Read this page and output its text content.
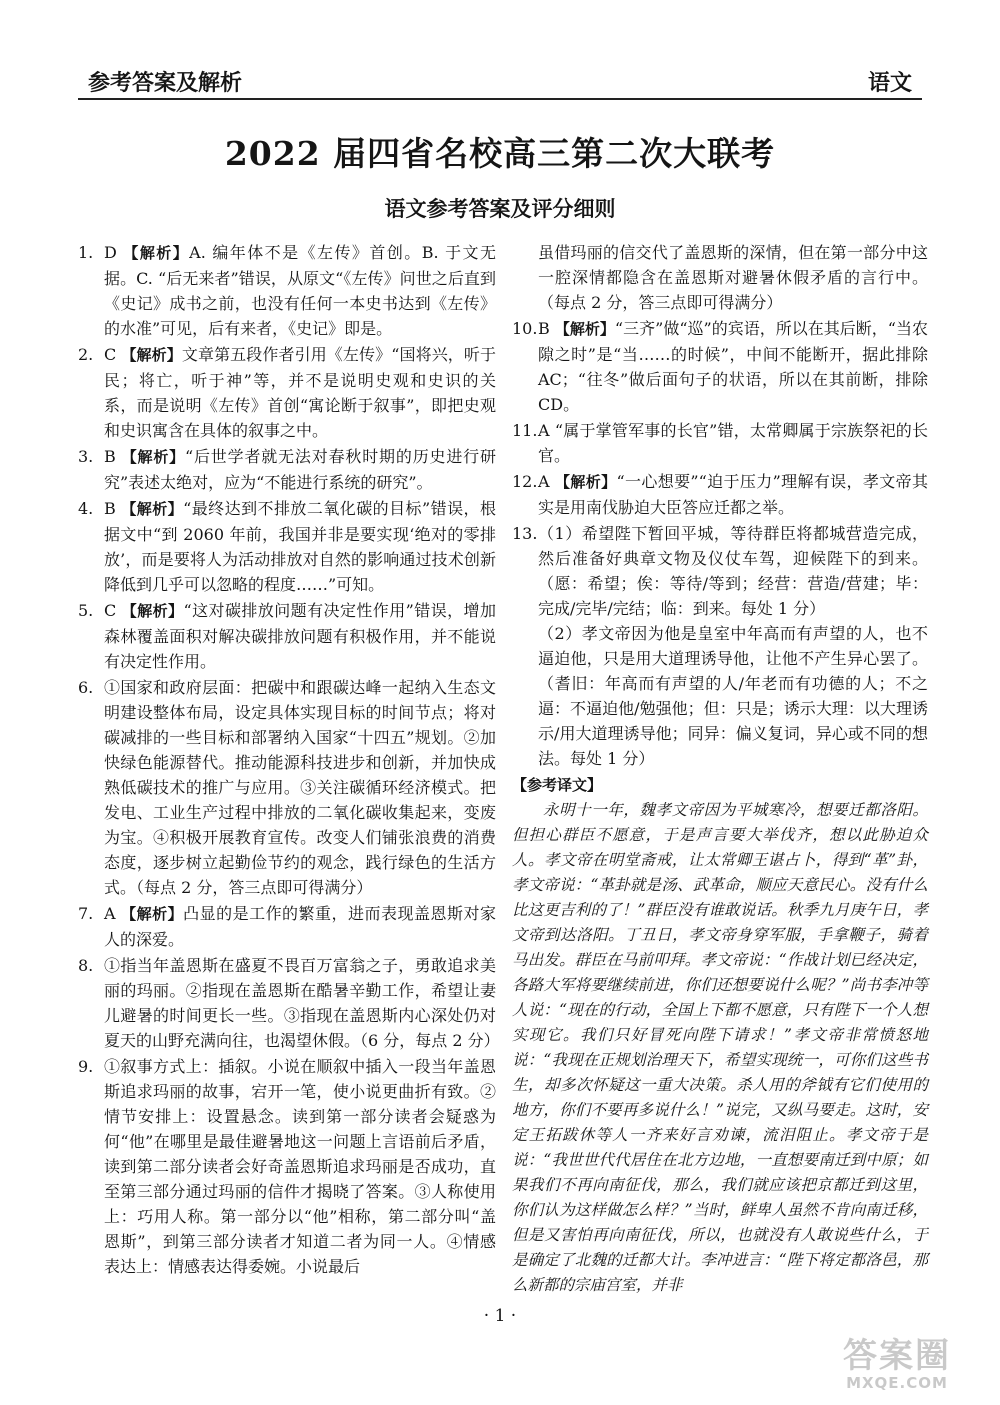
参考答案及解析	语文
2022 届四省名校高三第二次大联考
语文参考答案及评分细则
1. D 【解析】A. 编年体不是《左传》首创。B. 于文无据。C. “后无来者”错误，从原文“《左传》问世之后直到《史记》成书之前，也没有任何一本史书达到《左传》的水准”可见，后有来者，《史记》即是。
2. C 【解析】文章第五段作者引用《左传》“国将兴，听于民；将亡，听于神”等，并不是说明史观和史识的关系，而是说明《左传》首创“寓论断于叙事”，即把史观和史识寓含在具体的叙事之中。
3. B 【解析】“后世学者就无法对春秋时期的历史进行研究”表述太绝对，应为“不能进行系统的研究”。
4. B 【解析】“最终达到不排放二氧化碳的目标”错误，根据文中“到 2060 年前，我国并非是要实现‘绝对的零排放’，而是要将人为活动排放对自然的影响通过技术创新降低到几乎可以忽略的程度……”可知。
5. C 【解析】“这对碳排放问题有决定性作用”错误，增加森林覆盖面积对解决碳排放问题有积极作用，并不能说有决定性作用。
6. ①国家和政府层面：把碳中和跟碳达峰一起纳入生态文明建设整体布局，设定具体实现目标的时间节点；将对碳减排的一些目标和部署纳入国家“十四五”规划。②加快绿色能源替代。推动能源科技进步和创新，并加快成熟低碳技术的推广与应用。③关注碳循环经济模式。把发电、工业生产过程中排放的二氧化碳收集起来，变废为宝。④积极开展教育宣传。改变人们铺张浪费的消费态度，逐步树立起勤俭节约的观念，践行绿色的生活方式。（每点 2 分，答三点即可得满分）
7. A 【解析】凸显的是工作的繁重，进而表现盖恩斯对家人的深爱。
8. ①指当年盖恩斯在盛夏不畏百万富翁之子，勇敢追求美丽的玛丽。②指现在盖恩斯在酷暑辛勤工作，希望让妻儿避暑的时间更长一些。③指现在盖恩斯内心深处仍对夏天的山野充满向往，也渴望休假。（6 分，每点 2 分）
9. ①叙事方式上：插叙。小说在顺叙中插入一段当年盖恩斯追求玛丽的故事，宕开一笔，使小说更曲折有致。②情节安排上：设置悬念。读到第一部分读者会疑惑为何“他”在哪里是最佳避暑地这一问题上言语前后矛盾，读到第二部分读者会好奇盖恩斯追求玛丽是否成功，直至第三部分通过玛丽的信件才揭晓了答案。③人称使用上：巧用人称。第一部分以“他”相称，第二部分叫“盖恩斯”，到第三部分读者才知道二者为同一人。④情感表达上：情感表达得委婉。小说最后
虽借玛丽的信交代了盖恩斯的深情，但在第一部分中这一腔深情都隐含在盖恩斯对避暑休假矛盾的言行中。（每点 2 分，答三点即可得满分）
10. B 【解析】“三齐”做“巡”的宾语，所以在其后断，“当农隙之时”是“当……的时候”，中间不能断开，据此排除 AC；“往冬”做后面句子的状语，所以在其前断，排除 CD。
11. A “属于掌管军事的长官”错，太常卿属于宗族祭祀的长官。
12. A 【解析】“一心想要”“迫于压力”理解有误，孝文帝其实是用南伐胁迫大臣答应迁都之举。
13. （1）希望陛下暂回平城，等待群臣将都城营造完成，然后准备好典章文物及仪仗车驾，迎候陛下的到来。（愿：希望；俟：等待/等到；经营：营造/营建；毕：完成/完毕/完结；临：到来。每处 1 分）
（2）孝文帝因为他是皇室中年高而有声望的人，也不逼迫他，只是用大道理诱导他，让他不产生异心罢了。（耆旧：年高而有声望的人/年老而有功德的人；不之逼：不逼迫他/勉强他；但：只是；诱示大理：以大理诱示/用大道理诱导他；同异：偏义复词，异心或不同的想法。每处 1 分）
【参考译文】
永明十一年，魏孝文帝因为平城寒冷，想要迁都洛阳。但担心群臣不愿意，于是声言要大举伐齐，想以此胁迫众人。孝文帝在明堂斋戒，让太常卿王谌占卜，得到“革”卦，孝文帝说：“革卦就是汤、武革命，顺应天意民心。没有什么比这更吉利的了！”群臣没有谁敢说话。秋季九月庚午日，孝文帝到达洛阳。丁丑日，孝文帝身穿军服，手拿鞭子，骑着马出发。群臣在马前叩拜。孝文帝说：“作战计划已经决定，各路大军将要继续前进，你们还想要说什么呢？”尚书李冲等人说：“现在的行动，全国上下都不愿意，只有陛下一个人想实现它。我们只好冒死向陛下请求！”孝文帝非常愤怒地说：“我现在正规划治理天下，希望实现统一，可你们这些书生，却多次怀疑这一重大决策。杀人用的斧钺有它们使用的地方，你们不要再多说什么！”说完，又纵马要走。这时，安定王拓跋休等人一齐来好言劝谏，流泪阻止。孝文帝于是说：“我世世代代居住在北方边地，一直想要南迁到中原；如果我们不再向南征伐，那么，我们就应该把京都迁到这里，你们认为这样做怎么样？”当时，鲜卑人虽然不肯向南迁移，但是又害怕再向南征伐，所以，也就没有人敢说些什么，于是确定了北魏的迁都大计。李冲进言：“陛下将定都洛邑，那么新都的宗庙宫室，并非
· 1 ·
答案圈
MXQE.COM
